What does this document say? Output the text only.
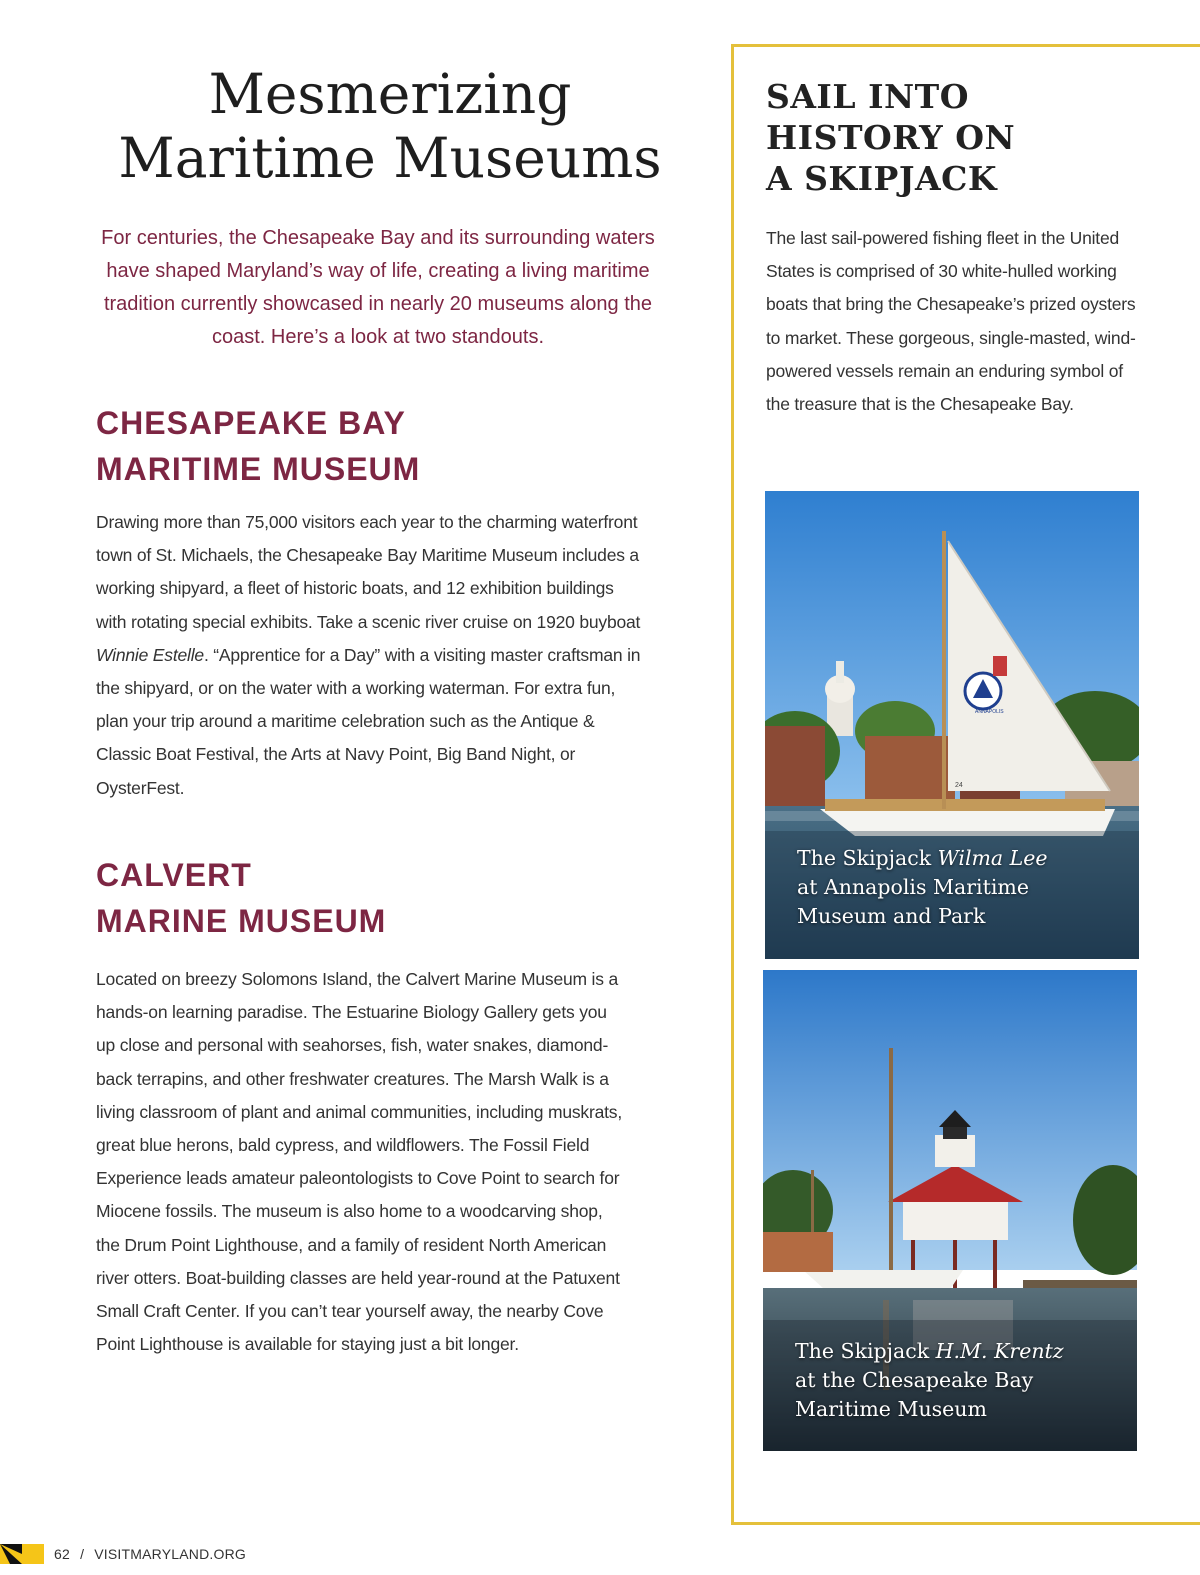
Mesmerizing
Maritime Museums

For centuries, the Chesapeake Bay and its surrounding waters have shaped Maryland’s way of life, creating a living maritime tradition currently showcased in nearly 20 museums along the coast. Here’s a look at two standouts.

CHESAPEAKE BAY
MARITIME MUSEUM

Drawing more than 75,000 visitors each year to the charming waterfront town of St. Michaels, the Chesapeake Bay Maritime Museum includes a working shipyard, a fleet of historic boats, and 12 exhibition buildings with rotating special exhibits. Take a scenic river cruise on 1920 buyboat Winnie Estelle. “Apprentice for a Day” with a visiting master craftsman in the shipyard, or on the water with a working waterman. For extra fun, plan your trip around a maritime celebration such as the Antique & Classic Boat Festival, the Arts at Navy Point, Big Band Night, or OysterFest.

CALVERT
MARINE MUSEUM

Located on breezy Solomons Island, the Calvert Marine Museum is a hands-on learning paradise. The Estuarine Biology Gallery gets you up close and personal with seahorses, fish, water snakes, diamond-back terrapins, and other freshwater creatures. The Marsh Walk is a living classroom of plant and animal communities, including muskrats, great blue herons, bald cypress, and wildflowers. The Fossil Field Experience leads amateur paleontologists to Cove Point to search for Miocene fossils. The museum is also home to a woodcarving shop, the Drum Point Lighthouse, and a family of resident North American river otters. Boat-building classes are held year-round at the Patuxent Small Craft Center. If you can’t tear yourself away, the nearby Cove Point Lighthouse is available for staying just a bit longer.

SAIL INTO
HISTORY ON
A SKIPJACK

The last sail-powered fishing fleet in the United States is comprised of 30 white-hulled working boats that bring the Chesapeake’s prized oysters to market. These gorgeous, single-masted, wind-powered vessels remain an enduring symbol of the treasure that is the Chesapeake Bay.

ANNAPOLIS
24
The Skipjack Wilma Lee
at Annapolis Maritime
Museum and Park
The Skipjack H.M. Krentz
at the Chesapeake Bay
Maritime Museum
62 / VISITMARYLAND.ORG
